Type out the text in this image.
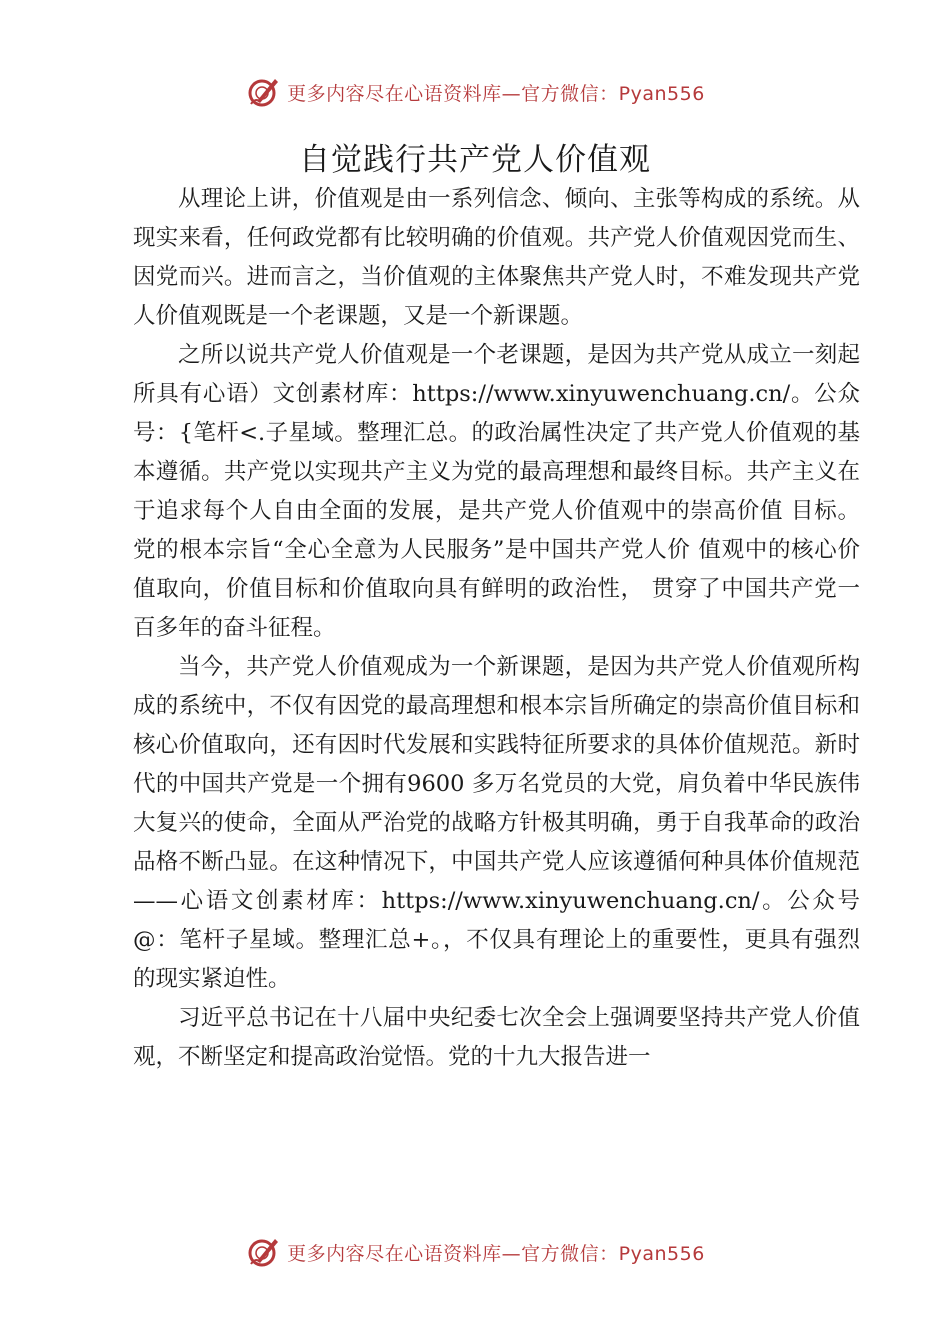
更多内容尽在心语资料库—官方微信：Pyan556
自觉践行共产党人价值观

从理论上讲，价值观是由一系列信念、倾向、主张等构成的系统。从现实来看，任何政党都有比较明确的价值观。共产党人价值观因党而生、因党而兴。进而言之，当价值观的主体聚焦共产党人时，不难发现共产党人价值观既是一个老课题，又是一个新课题。

之所以说共产党人价值观是一个老课题，是因为共产党从成立一刻起所具有心语）文创素材库：https://www.xinyuwenchuang.cn/。公众号：{笔杆<.子星域。整理汇总。的政治属性决定了共产党人价值观的基本遵循。共产党以实现共产主义为党的最高理想和最终目标。共产主义在 于追求每个人自由全面的发展，是共产党人价值观中的崇高价值 目标。党的根本宗旨“全心全意为人民服务”是中国共产党人价 值观中的核心价值取向，价值目标和价值取向具有鲜明的政治性， 贯穿了中国共产党一百多年的奋斗征程。

当今，共产党人价值观成为一个新课题，是因为共产党人价值观所构成的系统中，不仅有因党的最高理想和根本宗旨所确定的崇高价值目标和核心价值取向，还有因时代发展和实践特征所要求的具体价值规范。新时代的中国共产党是一个拥有9600 多万名党员的大党，肩负着中华民族伟大复兴的使命，全面从严治党的战略方针极其明确，勇于自我革命的政治品格不断凸显。在这种情况下，中国共产党人应该遵循何种具体价值规范——心语文创素材库：https://www.xinyuwenchuang.cn/。公众号@：笔杆子星域。整理汇总+。，不仅具有理论上的重要性，更具有强烈的现实紧迫性。

习近平总书记在十八届中央纪委七次全会上强调要坚持共产党人价值观，不断坚定和提高政治觉悟。党的十九大报告进一

更多内容尽在心语资料库—官方微信：Pyan556
